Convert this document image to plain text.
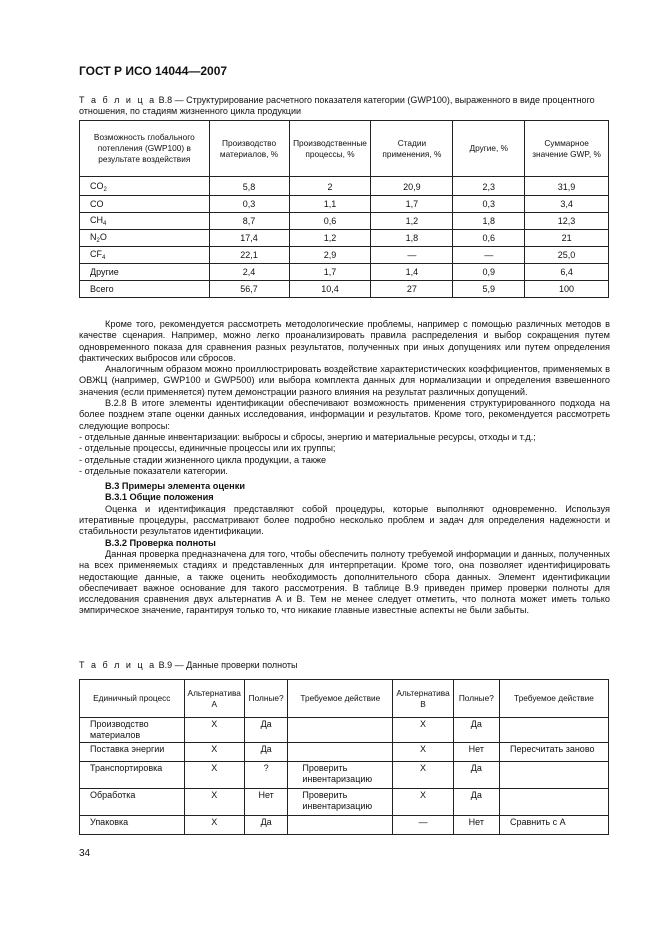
ГОСТ Р ИСО 14044—2007
Т а б л и ц а В.8 — Структурирование расчетного показателя категории (GWP100), выраженного в виде процентного отношения, по стадиям жизненного цикла продукции
Возможность глобального потепления (GWP100) в результате воздействия	Производство материалов, %	Производственные процессы, %	Стадии применения, %	Другие, %	Суммарное значение GWP, %
$CO_2$	5,8	2	20,9	2,3	31,9
CO	0,3	1,1	1,7	0,3	3,4
$CH_4$	8,7	0,6	1,2	1,8	12,3
$N_2O$	17,4	1,2	1,8	0,6	21
$CF_4$	22,1	2,9	—	—	25,0
Другие	2,4	1,7	1,4	0,9	6,4
Всего	56,7	10,4	27	5,9	100

Кроме того, рекомендуется рассмотреть методологические проблемы, например с помощью различных методов в качестве сценария. Например, можно легко проанализировать правила распределения и выбор сокращения путем одновременного показа для сравнения разных результатов, полученных при иных допущениях или путем определения фактических выбросов или сбросов.

Аналогичным образом можно проиллюстрировать воздействие характеристических коэффициентов, применяемых в ОВЖЦ (например, GWP100 и GWP500) или выбора комплекта данных для нормализации и определения взвешенного значения (если применяется) путем демонстрации разного влияния на результат различных допущений.

В.2.8 В итоге элементы идентификации обеспечивают возможность применения структурированного подхода на более позднем этапе оценки данных исследования, информации и результатов. Кроме того, рекомендуется рассмотреть следующие вопросы:

- отдельные данные инвентаризации: выбросы и сбросы, энергию и материальные ресурсы, отходы и т.д.;

- отдельные процессы, единичные процессы или их группы;

- отдельные стадии жизненного цикла продукции, а также

- отдельные показатели категории.

В.3 Примеры элемента оценки

В.3.1 Общие положения

Оценка и идентификация представляют собой процедуры, которые выполняют одновременно. Используя итеративные процедуры, рассматривают более подробно несколько проблем и задач для определения надежности и стабильности результатов идентификации.

В.3.2 Проверка полноты

Данная проверка предназначена для того, чтобы обеспечить полноту требуемой информации и данных, полученных на всех применяемых стадиях и представленных для интерпретации. Кроме того, она позволяет идентифицировать недостающие данные, а также оценить необходимость дополнительного сбора данных. Элемент идентификации обеспечивает важное основание для такого рассмотрения. В таблице В.9 приведен пример проверки полноты для исследования сравнения двух альтернатив А и В. Тем не менее следует отметить, что полнота может иметь только эмпирическое значение, гарантируя только то, что никакие главные известные аспекты не были забыты.

Т а б л и ц а В.9 — Данные проверки полноты
Единичный процесс	Альтернатива А	Полные?	Требуемое действие	Альтернатива В	Полные?	Требуемое действие
Производство материалов	X	Да		X	Да	
Поставка энергии	X	Да		X	Нет	Пересчитать заново
Транспортировка	X	?	Проверить инвентаризацию	X	Да	
Обработка	X	Нет	Проверить инвентаризацию	X	Да	
Упаковка	X	Да		—	Нет	Сравнить с А
34
